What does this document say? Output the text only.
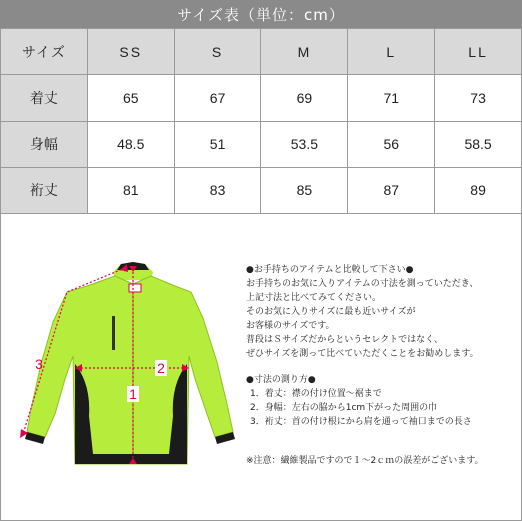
サイズ表（単位：cm）
サイズ	SS	S	M	L	LL
着丈	65	67	69	71	73
身幅	48.5	51	53.5	56	58.5
裄丈	81	83	85	87	89
1
2
3

●お手持ちのアイテムと比較して下さい●

お手持ちのお気に入りアイテムの寸法を測っていただき、

上記寸法と比べてみてください。

そのお気に入りサイズに最も近いサイズが

お客様のサイズです。

普段はＳサイズだからというセレクトではなく、

ぜひサイズを測って比べていただくことをお勧めします。

●寸法の測り方●

1．着丈：襟の付け位置～裾まで

2．身幅：左右の脇から1cm下がった周囲の巾

3．裄丈：首の付け根にから肩を通って袖口までの長さ

※注意：繊維製品ですので１～2ｃｍの誤差がございます。
